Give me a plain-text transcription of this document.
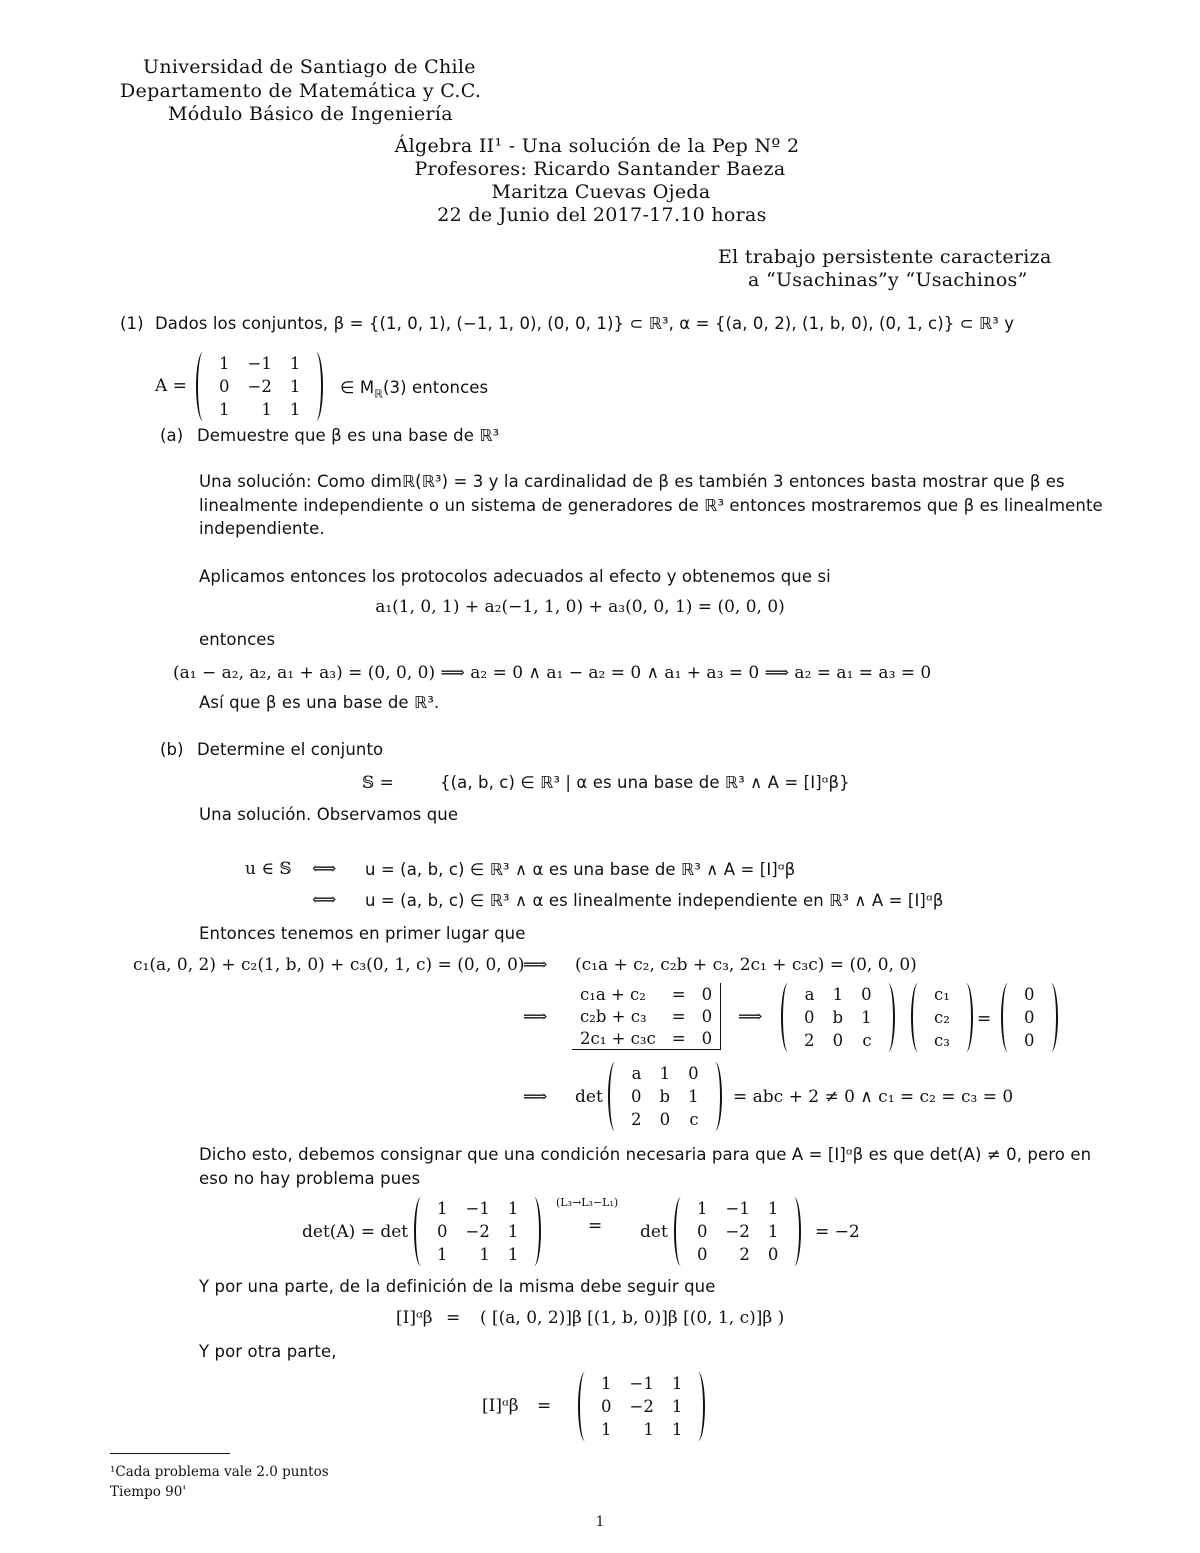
Universidad de Santiago de Chile
Departamento de Matemática y C.C.
Módulo Básico de Ingeniería
Álgebra II¹ - Una solución de la Pep Nº 2
Profesores: Ricardo Santander Baeza
Maritza Cuevas Ojeda
22 de Junio del 2017-17.10 horas
El trabajo persistente caracteriza
a “Usachinas”y “Usachinos”
(1) Dados los conjuntos, β = {(1, 0, 1), (−1, 1, 0), (0, 0, 1)} ⊂ ℝ³, α = {(a, 0, 2), (1, b, 0), (0, 1, c)} ⊂ ℝ³ y
A =
1	−1	1
0	−2	1
1	1	1
∈ $M_ℝ(3)$ entonces
(a) Demuestre que β es una base de ℝ³
Una solución: Como dimℝ(ℝ³) = 3 y la cardinalidad de β es también 3 entonces basta mostrar que β es
linealmente independiente o un sistema de generadores de ℝ³ entonces mostraremos que β es linealmente
independiente.
Aplicamos entonces los protocolos adecuados al efecto y obtenemos que si
a₁(1, 0, 1) + a₂(−1, 1, 0) + a₃(0, 0, 1) = (0, 0, 0)
entonces
(a₁ − a₂, a₂, a₁ + a₃) = (0, 0, 0) ⟹ a₂ = 0 ∧ a₁ − a₂ = 0 ∧ a₁ + a₃ = 0 ⟹ a₂ = a₁ = a₃ = 0
Así que β es una base de ℝ³.
(b) Determine el conjunto
𝕊 =	{(a, b, c) ∈ ℝ³ | α es una base de ℝ³ ∧ A = [I]ᵅβ}
Una solución. Observamos que
u ∈ 𝕊 ⟺ u = (a, b, c) ∈ ℝ³ ∧ α es una base de ℝ³ ∧ A = [I]ᵅβ
⟺ u = (a, b, c) ∈ ℝ³ ∧ α es linealmente independiente en ℝ³ ∧ A = [I]ᵅβ
Entonces tenemos en primer lugar que
c₁(a, 0, 2) + c₂(1, b, 0) + c₃(0, 1, c) = (0, 0, 0)
⟹ (c₁a + c₂, c₂b + c₃, 2c₁ + c₃c) = (0, 0, 0)
⟹
c₁a + c₂	=	0
c₂b + c₃	=	0
2c₁ + c₃c	=	0
⟹
a	1	0
0	b	1
2	0	c
c₁
c₂
c₃
=
0
0
0
⟹ det
a	1	0
0	b	1
2	0	c
= abc + 2 ≠ 0 ∧ c₁ = c₂ = c₃ = 0
Dicho esto, debemos consignar que una condición necesaria para que A = [I]ᵅβ es que det(A) ≠ 0, pero en
eso no hay problema pues
det(A) = det
1	−1	1
0	−2	1
1	1	1
(L₃→L₃−L₁)
= det
1	−1	1
0	−2	1
0	2	0
= −2
Y por una parte, de la definición de la misma debe seguir que
[I]ᵅβ = ( [(a, 0, 2)]β [(1, b, 0)]β [(0, 1, c)]β )
Y por otra parte,
[I]ᵅβ =
1	−1	1
0	−2	1
1	1	1
¹Cada problema vale 2.0 puntos
Tiempo 90'
1
